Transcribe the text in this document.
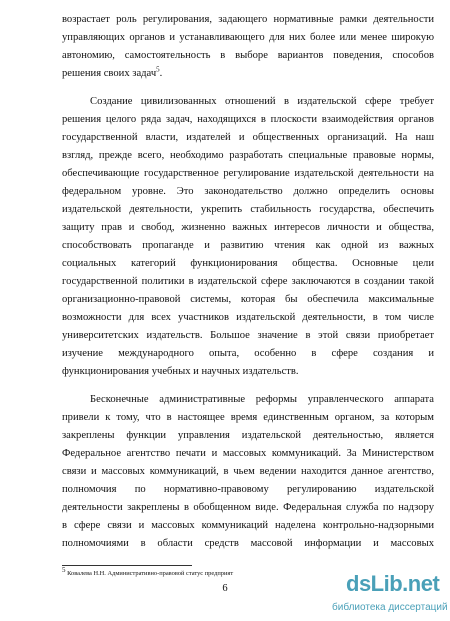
возрастает роль регулирования, задающего нормативные рамки деятельности

управляющих органов и устанавливающего для них более или менее широкую

автономию, самостоятельность в выборе вариантов поведения, способов

решения своих задач$^5$.

Создание цивилизованных отношений в издательской сфере требует

решения целого ряда задач, находящихся в плоскости взаимодействия органов

государственной власти, издателей и общественных организаций. На наш

взгляд, прежде всего, необходимо разработать специальные правовые нормы,

обеспечивающие государственное регулирование издательской деятельности на

федеральном уровне. Это законодательство должно определить основы

издательской деятельности, укрепить стабильность государства, обеспечить

защиту прав и свобод, жизненно важных интересов личности и общества,

способствовать пропаганде и развитию чтения как одной из важных

социальных категорий функционирования общества. Основные цели

государственной политики в издательской сфере заключаются в создании такой

организационно-правовой системы, которая бы обеспечила максимальные

возможности для всех участников издательской деятельности, в том числе

университетских издательств. Большое значение в этой связи приобретает

изучение международного опыта, особенно в сфере создания и

функционирования учебных и научных издательств.

Бесконечные административные реформы управленческого аппарата

привели к тому, что в настоящее время единственным органом, за которым

закреплены функции управления издательской деятельностью, является

Федеральное агентство печати и массовых коммуникаций. За Министерством

связи и массовых коммуникаций, в чьем ведении находится данное агентство,

полномочия по нормативно-правовому регулированию издательской

деятельности закреплены в обобщенном виде. Федеральная служба по надзору

в сфере связи и массовых коммуникаций наделена контрольно-надзорными

полномочиями в области средств массовой информации и массовых

$^5$ Ковалева Н.Н. Административно-правовой статус предприят
6	dsLib.net
библиотека диссертаций
